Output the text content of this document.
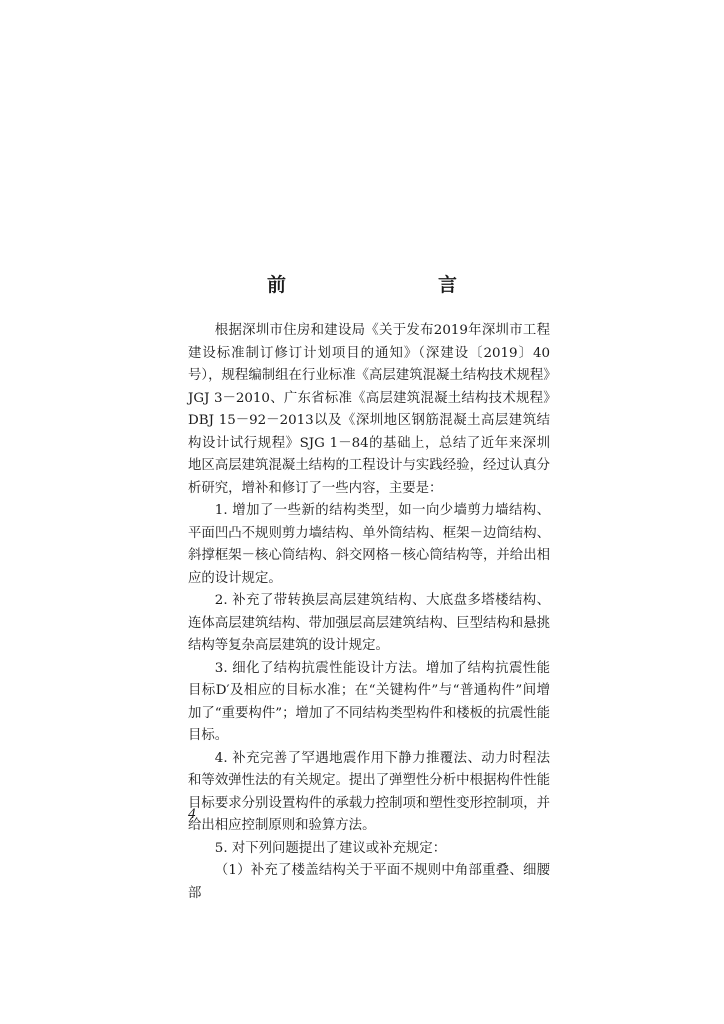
前　　言

根据深圳市住房和建设局《关于发布2019年深圳市工程建设标准制订修订计划项目的通知》（深建设〔2019〕40号），规程编制组在行业标准《高层建筑混凝土结构技术规程》JGJ 3－2010、广东省标准《高层建筑混凝土结构技术规程》DBJ 15－92－2013以及《深圳地区钢筋混凝土高层建筑结构设计试行规程》SJG 1－84的基础上，总结了近年来深圳地区高层建筑混凝土结构的工程设计与实践经验，经过认真分析研究，增补和修订了一些内容，主要是：

1. 增加了一些新的结构类型，如一向少墙剪力墙结构、平面凹凸不规则剪力墙结构、单外筒结构、框架－边筒结构、斜撑框架－核心筒结构、斜交网格－核心筒结构等，并给出相应的设计规定。

2. 补充了带转换层高层建筑结构、大底盘多塔楼结构、连体高层建筑结构、带加强层高层建筑结构、巨型结构和悬挑结构等复杂高层建筑的设计规定。

3. 细化了结构抗震性能设计方法。增加了结构抗震性能目标D′及相应的目标水准；在“关键构件”与“普通构件”间增加了“重要构件”；增加了不同结构类型构件和楼板的抗震性能目标。

4. 补充完善了罕遇地震作用下静力推覆法、动力时程法和等效弹性法的有关规定。提出了弹塑性分析中根据构件性能目标要求分别设置构件的承载力控制项和塑性变形控制项，并给出相应控制原则和验算方法。

5. 对下列问题提出了建议或补充规定：

（1）补充了楼盖结构关于平面不规则中角部重叠、细腰部

4
